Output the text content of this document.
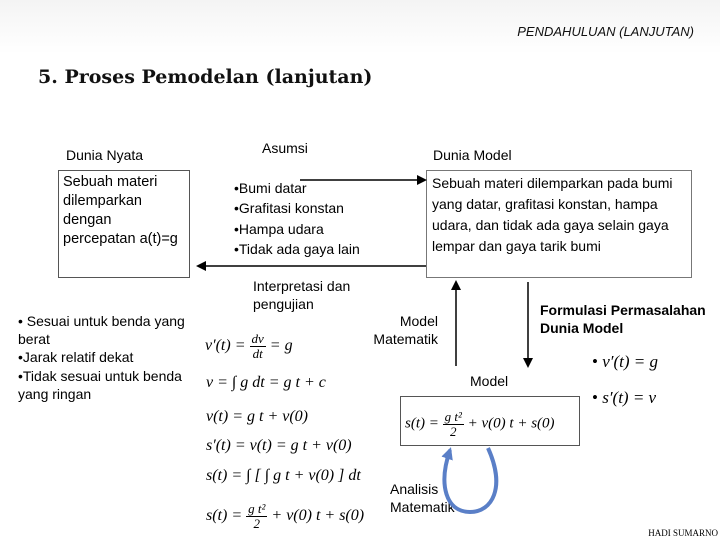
PENDAHULUAN (LANJUTAN)
5. Proses Pemodelan (lanjutan)
Dunia Nyata	Asumsi	Dunia Model
Sebuah materi dilemparkan dengan percepatan a(t)=g
•Bumi datar
•Grafitasi konstan
•Hampa udara
•Tidak ada gaya lain
Sebuah materi dilemparkan pada bumi yang datar, grafitasi konstan, hampa udara, dan tidak ada gaya selain gaya lempar dan gaya tarik bumi
Interpretasi dan pengujian
Model Matematik
Formulasi Permasalahan Dunia Model
• Sesuai untuk benda yang berat
•Jarak relatif dekat
•Tidak sesuai untuk benda yang ringan
$v'(t) = \frac{dv}{dt} = g$
v = ∫ g dt = g t + c
v(t) = g t + v(0)
s′(t) = v(t) = g t + v(0)
s(t) = ∫ [ ∫ g t + v(0) ] dt
$s(t) = \frac{\text{g t²}}{2} + v(0) t + s(0)$
Model
• v′(t) = g
• s′(t) = v
$s(t) = \frac{\text{g t²}}{2} + v(0) t + s(0)$
Analisis Matematik
HADI SUMARNO
